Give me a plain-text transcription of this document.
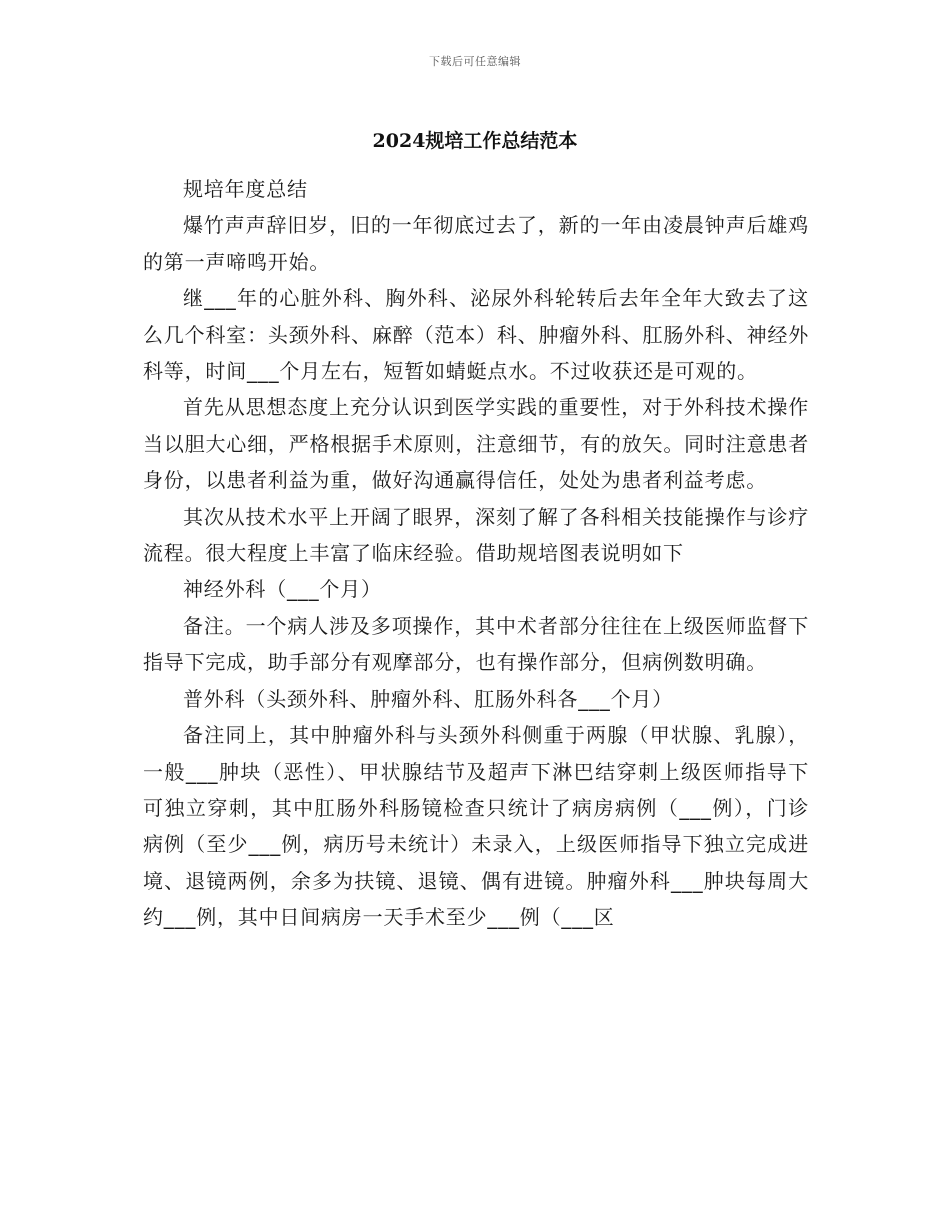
下载后可任意编辑
2024规培工作总结范本

规培年度总结

爆竹声声辞旧岁，旧的一年彻底过去了，新的一年由凌晨钟声后雄鸡的第一声啼鸣开始。

继___年的心脏外科、胸外科、泌尿外科轮转后去年全年大致去了这么几个科室：头颈外科、麻醉（范本）科、肿瘤外科、肛肠外科、神经外科等，时间___个月左右，短暂如蜻蜓点水。不过收获还是可观的。

首先从思想态度上充分认识到医学实践的重要性，对于外科技术操作当以胆大心细，严格根据手术原则，注意细节，有的放矢。同时注意患者身份，以患者利益为重，做好沟通赢得信任，处处为患者利益考虑。

其次从技术水平上开阔了眼界，深刻了解了各科相关技能操作与诊疗流程。很大程度上丰富了临床经验。借助规培图表说明如下

神经外科（___个月）

备注。一个病人涉及多项操作，其中术者部分往往在上级医师监督下指导下完成，助手部分有观摩部分，也有操作部分，但病例数明确。

普外科（头颈外科、肿瘤外科、肛肠外科各___个月）

备注同上，其中肿瘤外科与头颈外科侧重于两腺（甲状腺、乳腺），一般___肿块（恶性）、甲状腺结节及超声下淋巴结穿刺上级医师指导下可独立穿刺，其中肛肠外科肠镜检查只统计了病房病例（___例），门诊病例（至少___例，病历号未统计）未录入，上级医师指导下独立完成进境、退镜两例，余多为扶镜、退镜、偶有进镜。肿瘤外科___肿块每周大约___例，其中日间病房一天手术至少___例（___区
